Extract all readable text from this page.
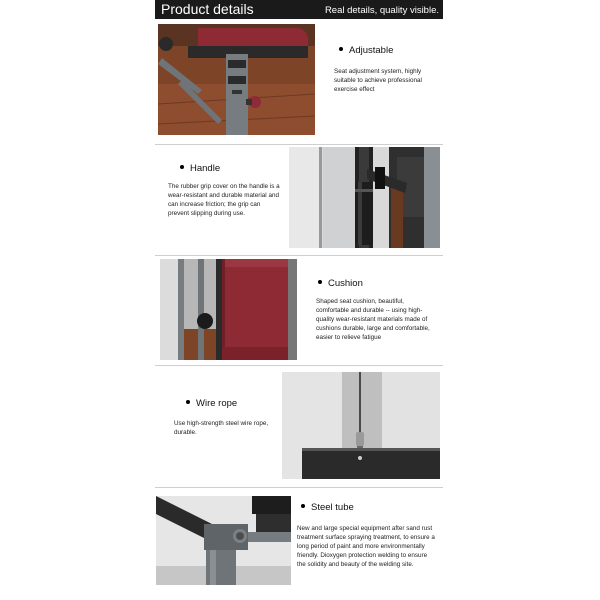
Product details	Real details, quality visible.
Adjustable
Seat adjustment system, highly suitable to achieve professional exercise effect
Handle
The rubber grip cover on the handle is a wear-resistant and durable material and can increase friction; the grip can prevent slipping during use.
Cushion
Shaped seat cushion, beautiful, comfortable and durable -- using high-quality wear-resistant materials made of cushions durable, large and comfortable, easier to relieve fatigue
Wire rope
Use high-strength steel wire rope, durable.
Steel tube
New and large special equipment after sand rust treatment surface spraying treatment, to ensure a long period of paint and more environmentally friendly. Dioxygen protection welding to ensure the solidity and beauty of the welding site.
